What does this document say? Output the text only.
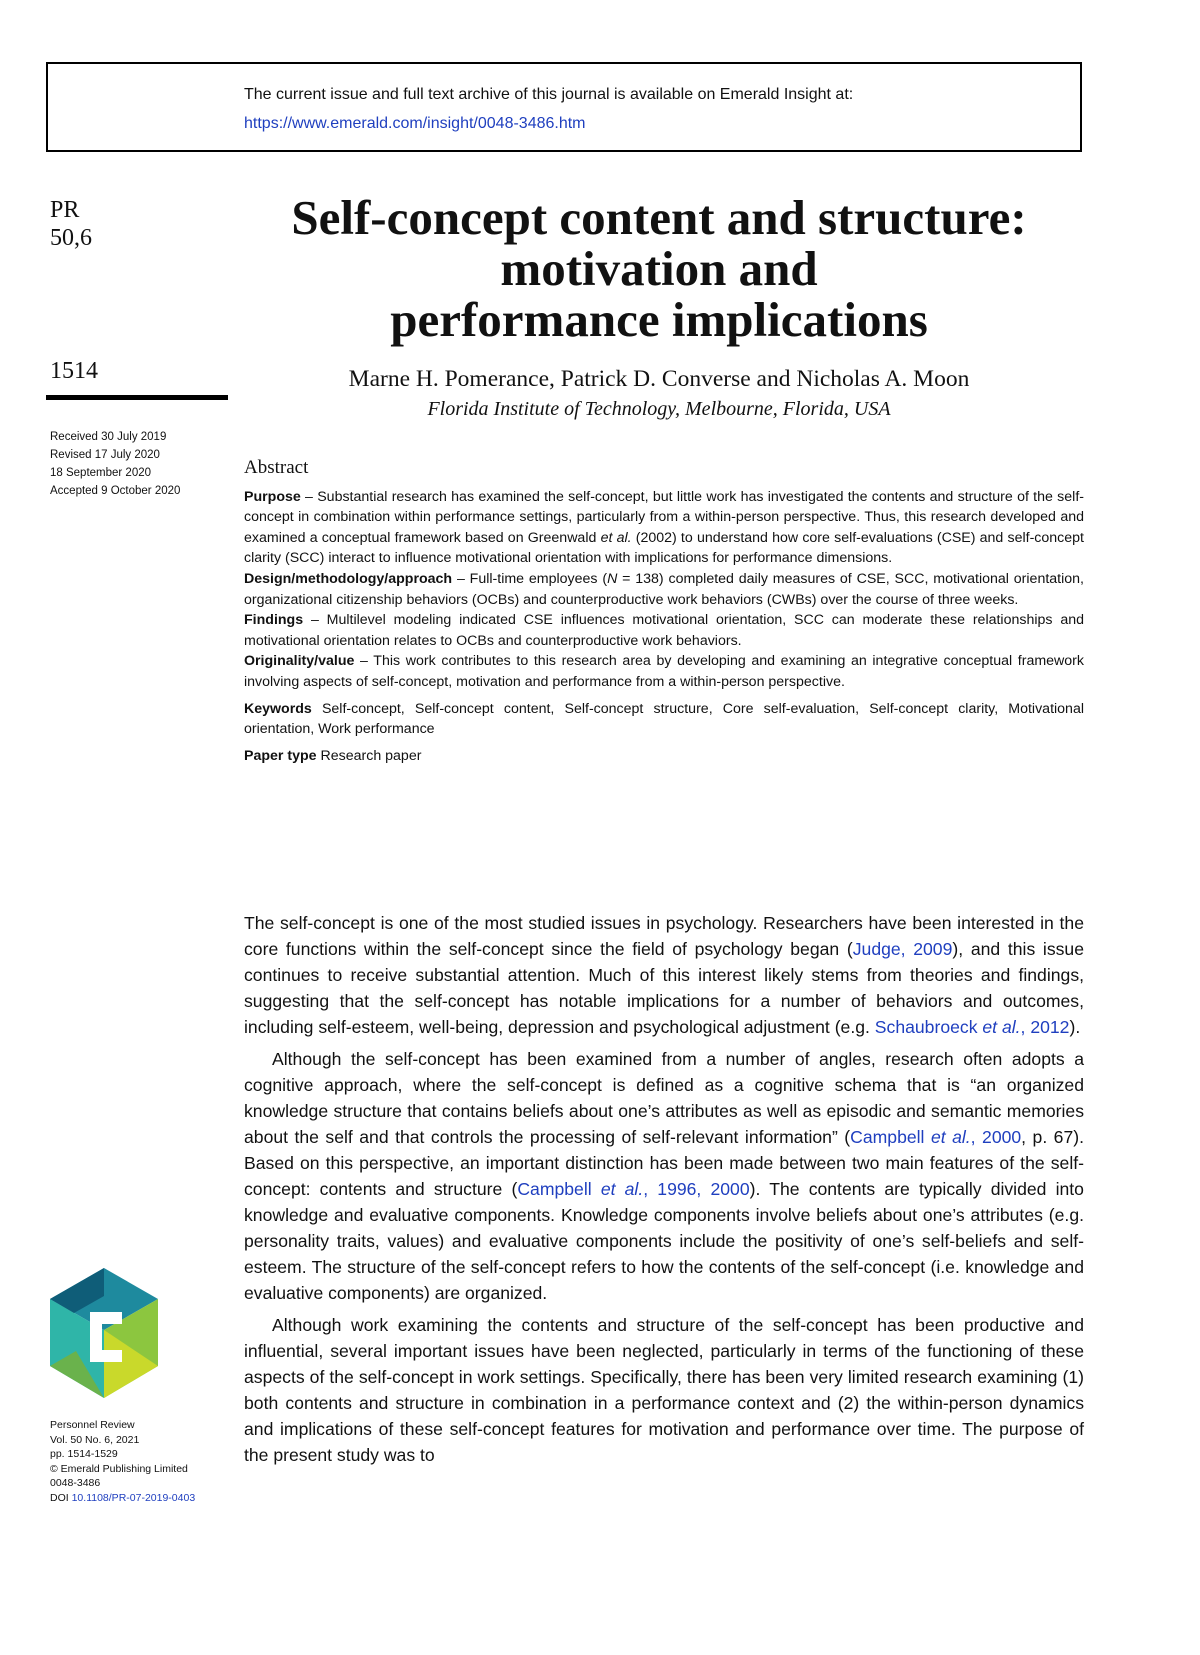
The current issue and full text archive of this journal is available on Emerald Insight at:
https://www.emerald.com/insight/0048-3486.htm
PR
50,6
1514
Received 30 July 2019
Revised 17 July 2020
18 September 2020
Accepted 9 October 2020
Personnel Review
Vol. 50 No. 6, 2021
pp. 1514-1529
© Emerald Publishing Limited
0048-3486
DOI 10.1108/PR-07-2019-0403
Self-concept content and structure:
motivation and
performance implications
Marne H. Pomerance, Patrick D. Converse and Nicholas A. Moon
Florida Institute of Technology, Melbourne, Florida, USA
Abstract

Purpose – Substantial research has examined the self-concept, but little work has investigated the contents and structure of the self-concept in combination within performance settings, particularly from a within-person perspective. Thus, this research developed and examined a conceptual framework based on Greenwald et al. (2002) to understand how core self-evaluations (CSE) and self-concept clarity (SCC) interact to influence motivational orientation with implications for performance dimensions.

Design/methodology/approach – Full-time employees (N = 138) completed daily measures of CSE, SCC, motivational orientation, organizational citizenship behaviors (OCBs) and counterproductive work behaviors (CWBs) over the course of three weeks.

Findings – Multilevel modeling indicated CSE influences motivational orientation, SCC can moderate these relationships and motivational orientation relates to OCBs and counterproductive work behaviors.

Originality/value – This work contributes to this research area by developing and examining an integrative conceptual framework involving aspects of self-concept, motivation and performance from a within-person perspective.

Keywords Self-concept, Self-concept content, Self-concept structure, Core self-evaluation, Self-concept clarity, Motivational orientation, Work performance

Paper type Research paper

The self-concept is one of the most studied issues in psychology. Researchers have been interested in the core functions within the self-concept since the field of psychology began (Judge, 2009), and this issue continues to receive substantial attention. Much of this interest likely stems from theories and findings, suggesting that the self-concept has notable implications for a number of behaviors and outcomes, including self-esteem, well-being, depression and psychological adjustment (e.g. Schaubroeck et al., 2012).

Although the self-concept has been examined from a number of angles, research often adopts a cognitive approach, where the self-concept is defined as a cognitive schema that is “an organized knowledge structure that contains beliefs about one’s attributes as well as episodic and semantic memories about the self and that controls the processing of self-relevant information” (Campbell et al., 2000, p. 67). Based on this perspective, an important distinction has been made between two main features of the self-concept: contents and structure (Campbell et al., 1996, 2000). The contents are typically divided into knowledge and evaluative components. Knowledge components involve beliefs about one’s attributes (e.g. personality traits, values) and evaluative components include the positivity of one’s self-beliefs and self-esteem. The structure of the self-concept refers to how the contents of the self-concept (i.e. knowledge and evaluative components) are organized.

Although work examining the contents and structure of the self-concept has been productive and influential, several important issues have been neglected, particularly in terms of the functioning of these aspects of the self-concept in work settings. Specifically, there has been very limited research examining (1) both contents and structure in combination in a performance context and (2) the within-person dynamics and implications of these self-concept features for motivation and performance over time. The purpose of the present study was to
